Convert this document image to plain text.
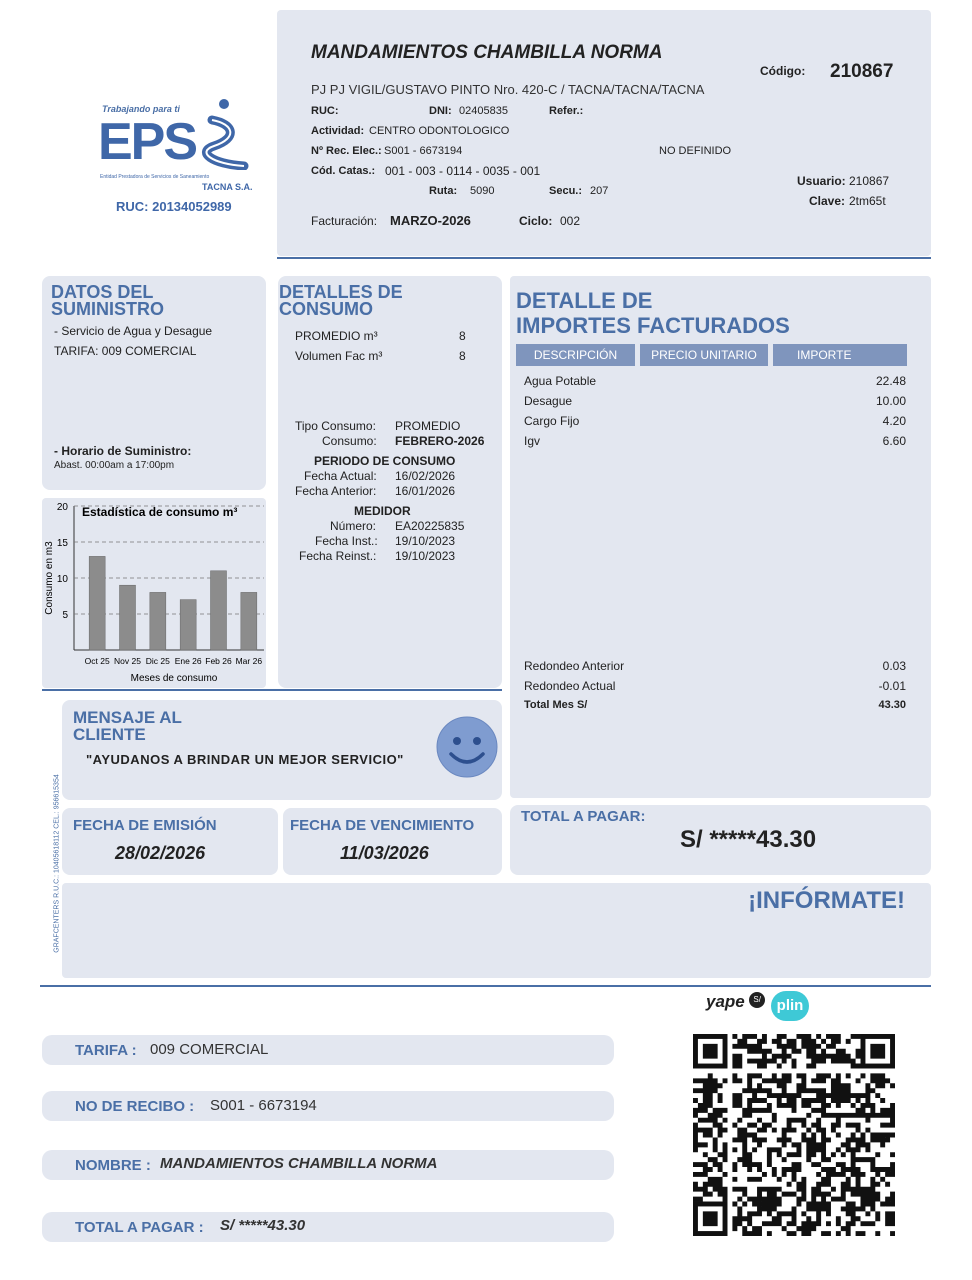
Trabajando para ti
EPS
Entidad Prestadora de Servicios de Saneamiento
TACNA S.A.
RUC: 20134052989
MANDAMIENTOS CHAMBILLA NORMA
PJ PJ VIGIL/GUSTAVO PINTO Nro. 420-C / TACNA/TACNA/TACNA
Código: 210867
RUC:	DNI: 02405835	Refer.:
Actividad: CENTRO ODONTOLOGICO
Nº Rec. Elec.: S001 - 6673194	NO DEFINIDO
Cód. Catas.: 001 - 003 - 0114 - 0035 - 001
Usuario: 210867
Ruta: 5090	Secu.: 207
Clave: 2tm65t
Facturación: MARZO-2026	Ciclo: 002
DATOS DEL
SUMINISTRO
- Servicio de Agua y Desague
TARIFA: 009 COMERCIAL
- Horario de Suministro:
Abast. 00:00am a 17:00pm
5
10
15
20
Oct 25 Nov 25 Dic 25 Ene 26 Feb 26 Mar 26
Estadística de consumo m³
Meses de consumo
Consumo en m3
DETALLES DE
CONSUMO
PROMEDIO m³	8
Volumen Fac m³	8
Tipo Consumo: PROMEDIO
Consumo: FEBRERO-2026
PERIODO DE CONSUMO
Fecha Actual: 16/02/2026
Fecha Anterior: 16/01/2026
MEDIDOR
Número: EA20225835
Fecha Inst.: 19/10/2023
Fecha Reinst.: 19/10/2023
DETALLE DE
IMPORTES FACTURADOS
DESCRIPCIÓN	PRECIO UNITARIO	IMPORTE
Agua Potable	22.48
Desague	10.00
Cargo Fijo	4.20
Igv	6.60
Redondeo Anterior	0.03
Redondeo Actual	-0.01
Total Mes S/	43.30
MENSAJE AL
CLIENTE
"AYUDANOS A BRINDAR UN MEJOR SERVICIO"
GRAFCENTERS R.U.C.: 10405618112 CEL.: 956615354 FECHA DE EMISIÓN
28/02/2026
FECHA DE VENCIMIENTO
11/03/2026
TOTAL A PAGAR:
S/ *****43.30
¡INFÓRMATE!
yape S/	plin
TARIFA : 009 COMERCIAL
NO DE RECIBO : S001 - 6673194
NOMBRE : MANDAMIENTOS CHAMBILLA NORMA
TOTAL A PAGAR : S/ *****43.30
